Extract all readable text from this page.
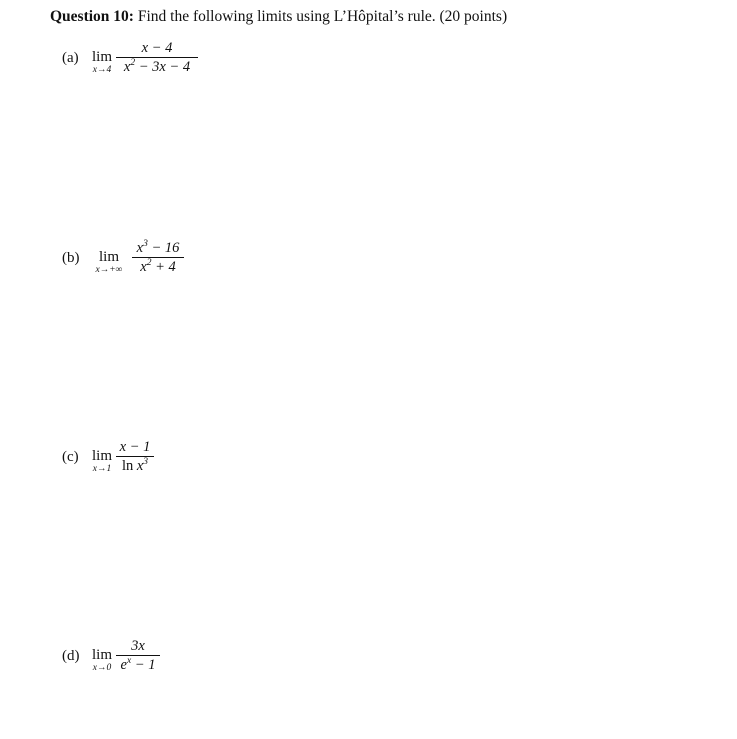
Question 10: Find the following limits using L’Hôpital’s rule. (20 points)
(a) lim
x→4
x − 4
$x^2 - 3x - 4$
(b)	lim
x→+∞
$x^3 - 16$
$x^2 + 4$
(c) lim
x→1
x − 1
$\ln x^3$
(d) lim
x→0
3x
$e^x - 1$
